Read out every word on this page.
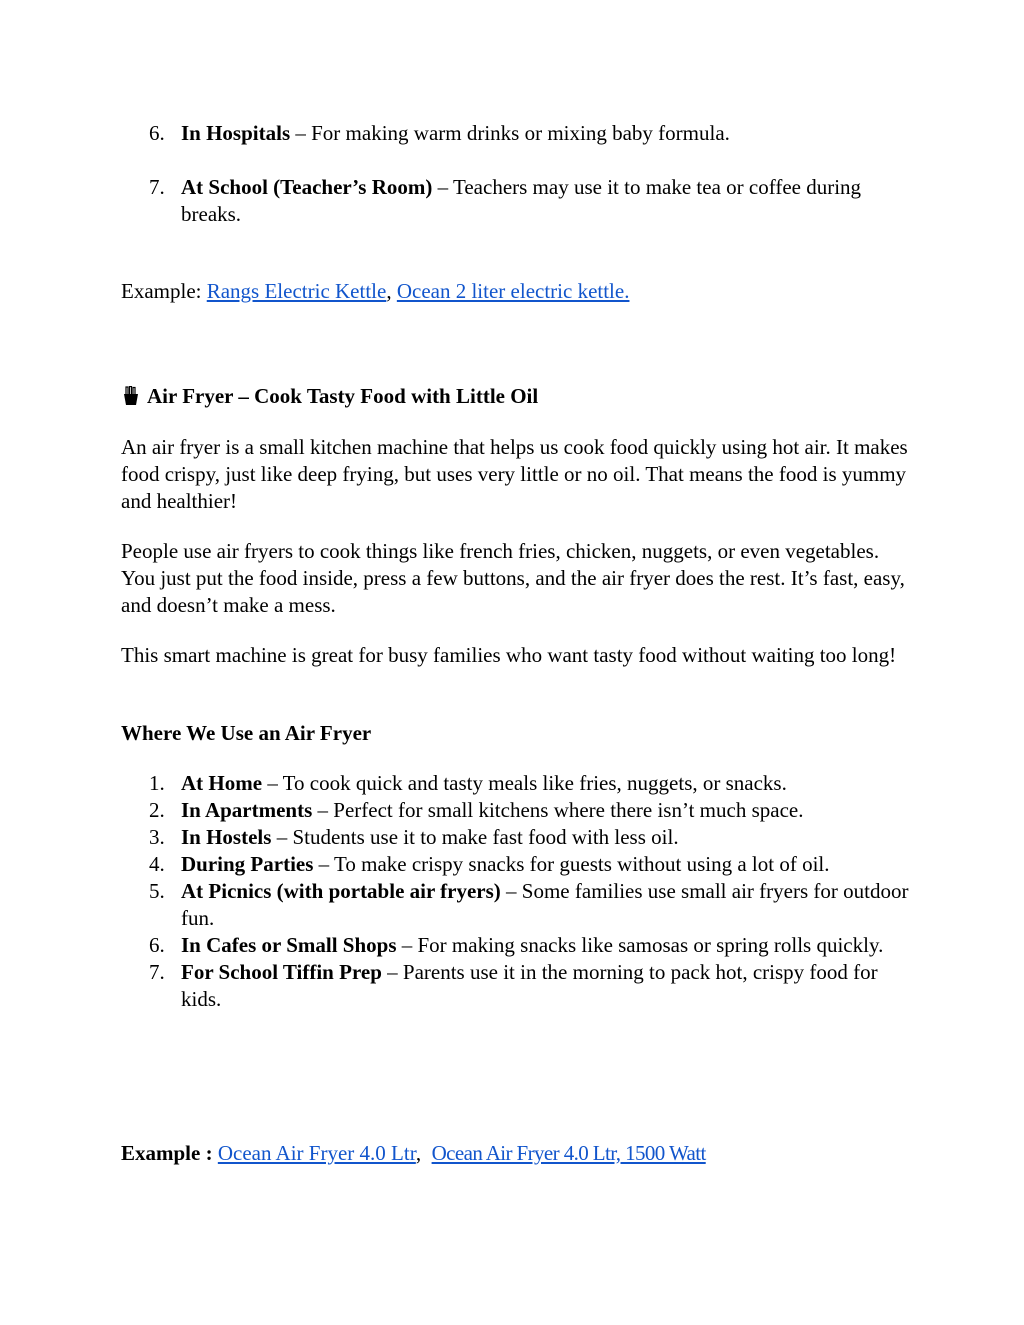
6. In Hospitals – For making warm drinks or mixing baby formula.
7. At School (Teacher’s Room) – Teachers may use it to make tea or coffee during breaks.
Example: Rangs Electric Kettle, Ocean 2 liter electric kettle.
Air Fryer – Cook Tasty Food with Little Oil

An air fryer is a small kitchen machine that helps us cook food quickly using hot air. It makes food crispy, just like deep frying, but uses very little or no oil. That means the food is yummy and healthier!

People use air fryers to cook things like french fries, chicken, nuggets, or even vegetables. You just put the food inside, press a few buttons, and the air fryer does the rest. It’s fast, easy, and doesn’t make a mess.

This smart machine is great for busy families who want tasty food without waiting too long!

Where We Use an Air Fryer
1. At Home – To cook quick and tasty meals like fries, nuggets, or snacks.
2. In Apartments – Perfect for small kitchens where there isn’t much space.
3. In Hostels – Students use it to make fast food with less oil.
4. During Parties – To make crispy snacks for guests without using a lot of oil.
5. At Picnics (with portable air fryers) – Some families use small air fryers for outdoor fun.
6. In Cafes or Small Shops – For making snacks like samosas or spring rolls quickly.
7. For School Tiffin Prep – Parents use it in the morning to pack hot, crispy food for kids.
Example : Ocean Air Fryer 4.0 Ltr,  Ocean Air Fryer 4.0 Ltr, 1500 Watt
